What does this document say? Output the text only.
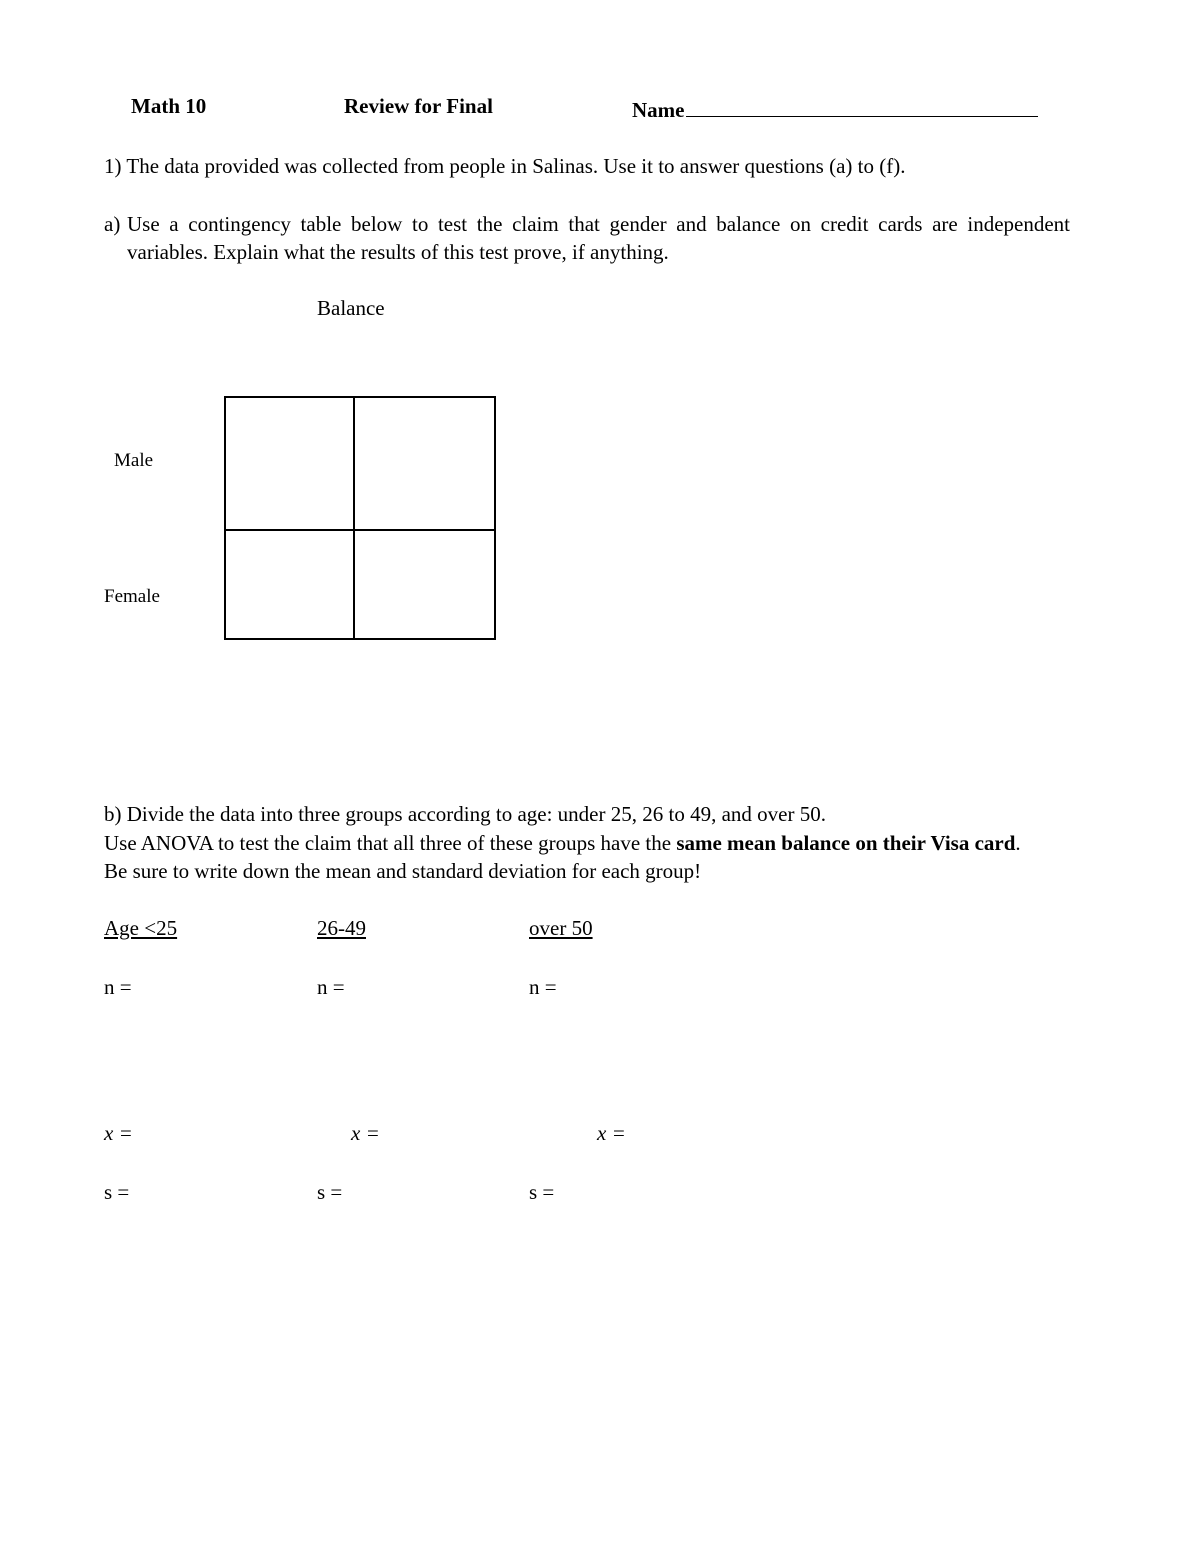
Math 10	Review for Final	Name
1) The data provided was collected from people in Salinas. Use it to answer questions (a) to (f).
a) Use a contingency table below to test the claim that gender and balance on credit cards are independent variables. Explain what the results of this test prove, if anything.
Balance
Male
Female
b) Divide the data into three groups according to age: under 25, 26 to 49, and over 50.
Use ANOVA to test the claim that all three of these groups have the same mean balance on their Visa card.
Be sure to write down the mean and standard deviation for each group!
Age <25	26-49	over 50
n =	n =	n =
x =	x =	x =
s =	s =	s =
